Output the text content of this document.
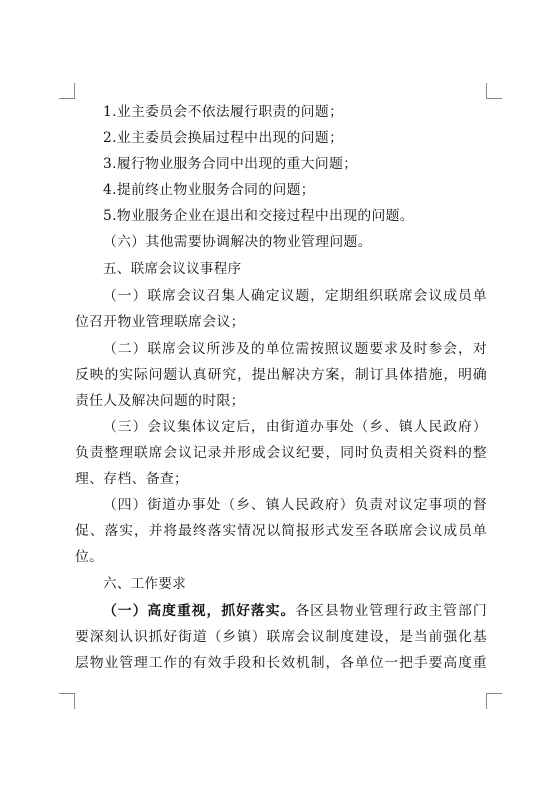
1.业主委员会不依法履行职责的问题；
2.业主委员会换届过程中出现的问题；
3.履行物业服务合同中出现的重大问题；
4.提前终止物业服务合同的问题；
5.物业服务企业在退出和交接过程中出现的问题。
（六）其他需要协调解决的物业管理问题。
五、联席会议议事程序
（一）联席会议召集人确定议题，定期组织联席会议成员单
位召开物业管理联席会议；
（二）联席会议所涉及的单位需按照议题要求及时参会，对
反映的实际问题认真研究，提出解决方案，制订具体措施，明确
责任人及解决问题的时限；
（三）会议集体议定后，由街道办事处（乡、镇人民政府）
负责整理联席会议记录并形成会议纪要，同时负责相关资料的整
理、存档、备查；
（四）街道办事处（乡、镇人民政府）负责对议定事项的督
促、落实，并将最终落实情况以简报形式发至各联席会议成员单
位。
六、工作要求
（一）高度重视，抓好落实。各区县物业管理行政主管部门
要深刻认识抓好街道（乡镇）联席会议制度建设，是当前强化基
层物业管理工作的有效手段和长效机制，各单位一把手要高度重
